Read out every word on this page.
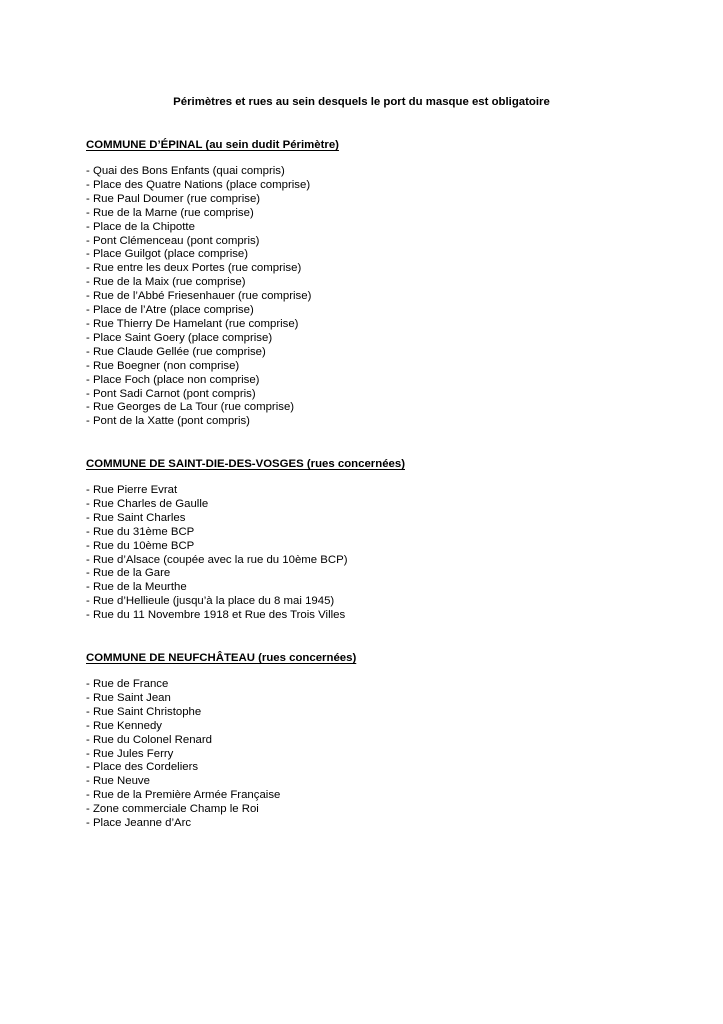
Périmètres et rues au sein desquels le port du masque est obligatoire
COMMUNE D’ÉPINAL (au sein dudit Périmètre)
- Quai des Bons Enfants (quai compris)
- Place des Quatre Nations (place comprise)
- Rue Paul Doumer (rue comprise)
- Rue de la Marne (rue comprise)
- Place de la Chipotte
- Pont Clémenceau (pont compris)
- Place Guilgot (place comprise)
- Rue entre les deux Portes (rue comprise)
- Rue de la Maix (rue comprise)
- Rue de l’Abbé Friesenhauer (rue comprise)
- Place de l’Atre (place comprise)
- Rue Thierry De Hamelant (rue comprise)
- Place Saint Goery (place comprise)
- Rue Claude Gellée (rue comprise)
- Rue Boegner (non comprise)
- Place Foch (place non comprise)
- Pont Sadi Carnot (pont compris)
- Rue Georges de La Tour (rue comprise)
- Pont de la Xatte (pont compris)
COMMUNE DE SAINT-DIE-DES-VOSGES (rues concernées)
- Rue Pierre Evrat
- Rue Charles de Gaulle
- Rue Saint Charles
- Rue du 31ème BCP
- Rue du 10ème BCP
- Rue d’Alsace (coupée avec la rue du 10ème BCP)
- Rue de la Gare
- Rue de la Meurthe
- Rue d’Hellieule (jusqu’à la place du 8 mai 1945)
- Rue du 11 Novembre 1918 et Rue des Trois Villes
COMMUNE DE NEUFCHÂTEAU (rues concernées)
- Rue de France
- Rue Saint Jean
- Rue Saint Christophe
- Rue Kennedy
- Rue du Colonel Renard
- Rue Jules Ferry
- Place des Cordeliers
- Rue Neuve
- Rue de la Première Armée Française
- Zone commerciale Champ le Roi
- Place Jeanne d’Arc
